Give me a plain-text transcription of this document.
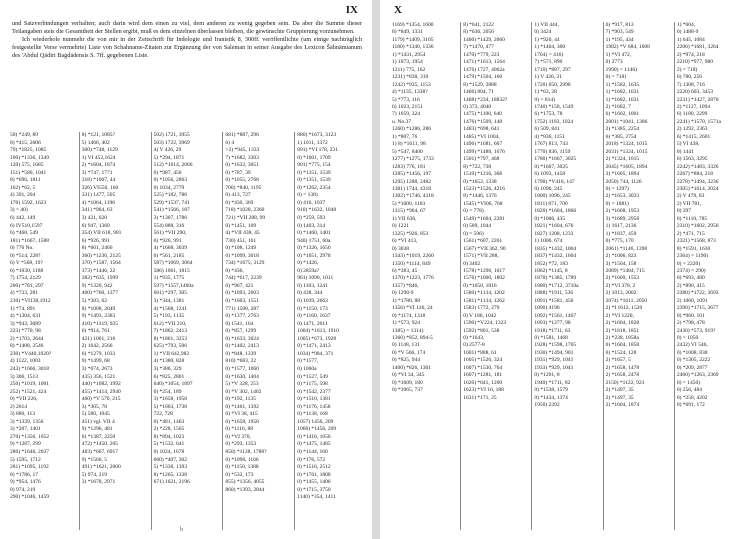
IX

und Satzverbindungen verhalten; auch darin wird dem einen zu viel, dem anderen zu wenig gegeben sein. Da aber die Summe dieser Teilangaben stets die Gesamtheit der Stellen ergibt, muß es dem einzelnen überlassen bleiben, die gewünschte Gruppierung vorzunehmen.

Ich wiederhole nunmehr die von mir in der Zeitschrift für Indologie und Iranistik 8, 300ff. veröffentlichte (um einige nachträglich festgestellte Verse vermehrte) Liste von Schahname-Zitaten zur Ergänzung der von Saleman in seiner Ausgabe des Lexicon Šāhnāmianum des 'Abdul Qādiri Baġdādensis S. 7ff. gegebenen Liste.

50) *249, 89
8) *415, 2606
79) *1825, 1085
100) *1336, 1349
120) 575, 1685
151) *580, 1041
8) *696, 1811
162) *62, 5
4) 391, 204
170) 1592, 1623
3) = 40)
6) 442, 149
6) IV510,1597
6) *468, 549
181) *1667, 1588
0) 776 No.
0) *514, 228?
6) V *568, 19?
6) *1030, 1188
7) 1754, 2129
200) *781, 297
4) *733, 281
210) *VI138,1912
1) *74, 891
4) *1304, 631
3) *943, 3089
223) *770, 98
2) *1703, 2644
8) *1408, 2546
230) *V440,1020?
4) 1122, 1003
243) *1666, 3018
3) 306, 1513
250) *1019, 1001
252) *1521, 424
0) *VII 226,
2) 2614
3) 886, 113
3) *1339, 1356
3) *207, 1401
270) *1356, 1052
9) *1287, 299
280) *1646, 2037
5) 1595, 1712
281) *1095, 1192
8) *1786, 17
9) *954, 1476
0) 974, 219
290) *1046, 1459
8) *121, 1085?
5) 1466, 402
300) *748, 1129
1) VI 452,1624
2) *1604, 1874
3) *747, 1771
318) *1067, 44
326) VI556, 160
331) 1477, 505
4) *1064, 1196
341) *964, 63
3) 421, 620
6) 947, 1360
354) VII 618, 901
6) *926, 991
8) *661, 2466
360) *1236, 2125
370) *1587, 1564
373) *1446, 22
382) *635, 1999
9) *1320, 942
400) *760, 1377
5) *383, 62
8) *1008, 2049
9) *1493, 2383
410) *1319, 925
6) *914, 761
421) 1061, 216
2) 1642, 2566
6) *1279, 1033
9) *1499, 68
3) *674, 2673
435) 356, 1521
440) *1082, 1992
455) *1414, 2940
460) *V 570, 215
3) *305, 78
5) 580, 1045
451) vgl. VII 4
9) *1296, 481
6) *1387, 2250
472) *1450, 205
483) *667, 6917
9) *1560, 5
491) *1621, 2000
5) 974, 219
3) *1678, 2971
502) 1721, 3955
503) 1722, 3969
4) V 426, 29
5) *294, 1871
512) *1614, 2066
0) *987, 456
0) *1056, 2863
0) 1034, 2779
525) *182, 786
529) *1537, 741
541) *1566, 187
3) *1307, 1786
554) 888, 316
561) *VII 290,
0) *926, 991
4) *1668, 3039
0) *561, 2185
587) *1069, 3064
586) 1061, 1815
1) *935, 1775
597) *1557,1400a
601) *297, 305
3) *344, 1381
4) *1568, 1241
5) *193, 1135
612) *VII 210,
7) *1862, 2413
8) *1861, 3253
625) *793, 506
1) *VII 642,982
4) *1380, 828
3) *386, 329
6) *825, 2801
640) *1054, 1897
0) *254, 189
3) *1658, 1958
5) *1063, 1738
722, 728
0) *481, 1463
2) *228, 1565
8) *894, 1023
5) *1532, 641
0) 1024, 1678
660) *407, 302
5) *1338, 1393
8) *1265, 1338
671) 1621, 2196
681) *887, 296
6) 4
>2) *945, 1333
7) *1682, 3303
0) *1632, 3051
0) *787, 39
0) *1055, 2768
700) *840, 1195
0) 413, 727
0) *430, 369
718) *1028, 2360
721) *VII 288, 99
0) *1451, 109
4) *VII 438, 45
730) 451, 161
0) *108, 1249
0) *1099, 3018
734) *1675, 3129
0) *436,
744) *617, 2239
0) *967, 421
0) *1093, 2003
0) *1603, 1551
771) 1508, 287
0) *1377, 2763
0) 1541, 164
0) *857, 1299
0) *1633, 3024
0) *1402, 2413
0) *848, 1339
810) *683, 22
0) *1577, 1060
0) *1630, 1404
5) *V 328, 253
0) *V 302, 1402
0) *192, 1135
0) *1461, 1392
0) *VI 38, 415
0) *1658, 1958
0) *1116, 88
0) *VI 370,
0) *293, 1353
850) *1138, 1788?
0) *1098, 1166
0) *1150, 1388
0) *532, 173
855) *1356, 4055
860) *1393, 2844
880) *1673, 3123
1) 1011, 1372
891) *VI 178, 231
0) *1001, 1709
901) *775, 154
0) *1351, 1539
0) *1351, 1539
0) *1262, 2354
0) = 138)
0) 416, 1037
910) *1632, 1048
0) *259, 593
0) 1403, 314
0) *1460, 1401
940) 1751, 60a
0) *1326, 1650
0) *1651, 2978
0) *1426,
0) 2859a?
961) 1090, 1011
0) 1103, 1241
0) 438, 344
0) 1039, 2663
0) *1150, 173
0) *1160, 1637
0) 1471, 2011
1004) *1613, 1910
1005) *673, 1928
0) *1471, 2413
1034) *984, 371
0) *1577,
0) 1060a
0) *1527, 549
0) *1175, 598
0) *1542, 2377
0) *1510, 1381
0) *1176, 1458
0) *1138, 168
1057) 1456, 209
1060) *1456, 209
0) *1416, 1056
0) *1475, 1485
0) *1144, 160
0) *176, 572
0) *1516, 2512
0) *1761, 1808
0) *1455, 1406
0) *1715, 3750
1140) *354, 1411
b
X
1169) *1354, 1600
8) *849, 1331
1179) *1409, 3105
1180) *1340, 1336
1) *1431, 2954
1) 1873, 1954
1211) 775, 162
1231) *838, 310
1242) *935, 1153
4) *1135, 1338?
5) *773, 116
6) 1023, 2151
7) 1059, 324
u. No.37
1260) *1286, 286
1) *807, 76
1) 8) *1611, 98
5) *547, 8400
1277) *1275, 1733
1283) 776, 181
1285) *1456, 197
1295) 1288, 2482
1301) 1744, 4318
1302) *1746, 4318
5) *1000, 1183
1315) *964, 67
1) VII 636,
0) 1221
1325) *926, 853
6) *VI 413,
0) 3038
1343) *1019, 2260
1350) *1114, 849
6) *383, 45
1370) *1223, 1776
1357) *846,
0) 1298-9
1) *1780, 88
1356) *VI 126, 24
0) *1174, 1318
1) *573, 924
1385) = 1314)
1360) *852, 894-5
0) 1148, 131
0) *V 566, 174
0) *825, 944
1400) *826, 1301
0) *VI 34, 345
0) *1609, 180
0) *1065, 737
8) *641, 2122
8) *636, 2056
1460) *1429, 2060
7) *1470, 477
1470) *779, 223
1471) *1613, 1564
1476) 1727, 4062a
1479) *1504, 160
8) *1529, 2888
1466) 804, 71
1468) *234, 18832?
0) 373, 4040
1475) *1100, 640
1476) *1509, 148
1483) *698, 641
1485) *VI 1004,
1496) *1681, 667
1499) *1488, 1676
1501) *797, 468
8) *722, 738
1510) *1216, 368
0) *1652, 1338
1523) *1526, 4216
8) *1446, 1376
1545) *VI06, 768
0) = 778)
1549) *1604, 2281
0) 589, 1044
0) = 596)
1561) *607, 2261
1567) *VII 362, 90
1571) *VII 288,
0) 3402
1578) *1296, 1617
1576) *1000, 1802
0) *1050, 1816
1580) *1134, 1202
1581) *1134, 1262
1583) 1772, 279
0) V 186, 1042
1590) *V224, 1323
1592) *801, 538
0) *1643,
0) 2577-8
1601) *888, 61
1605) *1526, 324
1607) *1530, 764
1607) *1281, 181
1620) *641, 1200
1623) *VI 16, 188
1631) *171, 25
1) VII 444,
0) 3424
1) *920, 44
1) *1464, 300
1704) = 416)
7) *571, 890
1710) *887, 297
1) V 426, 21
1720) 650, 2998
1) *63, 28
0) = 814)
1740) *158, 1549
6) *1753, 78
1752) 1193, 1024
6) 509, 841
4) *836, 1151
1767) 813, 743
1770) 836, 1159
1780) *1667, 3025
0) *1667, 3025
6) 1093, 1458
1790) *V416, 147
0) 1096, 245
1800) 1096, 245
1811) 871, 700
1820) *1604, 1866
0) *1006, 435
1821) *1604, 676
1827) 1208, 1233
1) 1006, 674
1835) *1432, 1004
1837) *1432, 1604
1852) *72, 183
1862) *1145, 8
1870) *1385, 1789
1880) *1712, 3710a
1888) *1911, 536
1891) *1581, 456
1890) 4196
1892) *1561, 1467
1893) *1277, 98
1918) *1711, 63
0) *1581, 1468
1928) *1598, 1765
1930) *1494, 901
1931) *929, 1041
1933) *929, 1041
0) *1201, 8
1940) *1711, 82
0) *1538, 1579
0) *1434, 1374
1950) 2392
6) *917, 813
7) *903, 549
1) *195, 434
1982) *V 684, 1608
1) *VI 472,
0) 2773
1990) = 1146)
0) = 718)
1) *1582, 1635
1) *1682, 1631
1) *1682, 1631
2) *1682, 7
6) *1602, 1001
2001) *1041, 1386
2) *1385, 2254
6) *385, 2754
2018) *1324, 1015
2031) *1324, 1015
2) *1324, 1015
2045) *1605, 1894
3) *1605, 1894
2050) 744, 1126
0) = 1297)
2) *1653, 3033
0) = 1881)
2) *1668, 1953
3) *1689, 2958
1) 1617, 2136
1) *1837, 459
0) *775, 170
2061) *1146, 1398
2) *1006, 823
3) *1504, 158
2089) *1484, 715
2) *1609, 1553
2) *VI 378, 2
2) 1013, 2002
2074) *1611, 2050
2) *I 1612, 1520
2) *VI 1220,
2) *1604, 1828
2) *1818, 1851
2) *238, 1858a
0) *1604, 1858
0) *1524, 128
2) *1657, 5
2) *1658, 1478
2) *1658, 2478
2150) *1122, 923
2) *1497, 35
2) *1497, 35
2) *1604, 1874
1) *604,
0) 1488-9
1) 645, 1084
2206) *1681, 3264
2) *974, 218
2210) *977, 980
2) = 718)
6) 780, 256
7) 1308, 716
2220) 603, 3453
2231) *1427, 2870
2) *1127, 1094
6) 1180, 2299
2241) *1570, 1571a
2) 1292, 2363
6) *1415, 2601
5) VI 438,
0) 1441
6) 1563, 3295
2242) *1483, 3326
2267) *884, 218
2278) *1494, 3236
2305) *1614, 2024
2) V 478, 83
2) VII 781,
0) 397
6) *1110, 785
2310) *1602, 2956
2) *471, 715
2321) *1568, 873
8) *1591, 1630
2364) = 1190)
0) = 2220)
2374) = 290)
0) *693, 480
2) *890, 415
2380) *1722, 3693
2) 1060, 1091
2390) *1715, 3677
0) *960, 101
2) *798, 478
2430) *573, 919?
0) = 1050
2432) VI 546,
0) *1008, 838
0) *1305, 2222
0) *209, 2877
2460) *1263, 2369
0) = 1450)
0) 256, 484
0) *258, 4202
0) *691, 172
